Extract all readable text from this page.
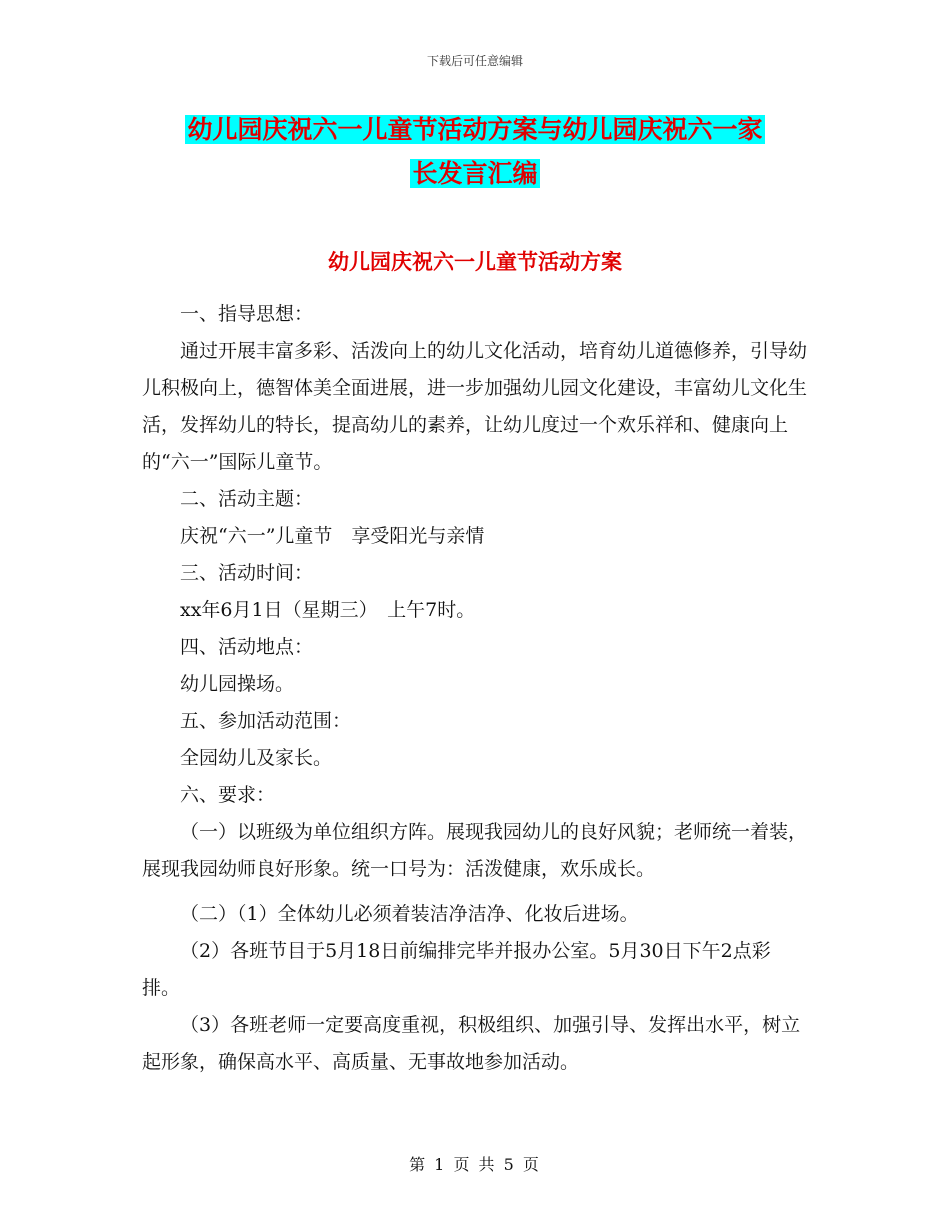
下载后可任意编辑
幼儿园庆祝六一儿童节活动方案与幼儿园庆祝六一家
长发言汇编
幼儿园庆祝六一儿童节活动方案

一、指导思想：

通过开展丰富多彩、活泼向上的幼儿文化活动，培育幼儿道德修养，引导幼儿积极向上，德智体美全面进展，进一步加强幼儿园文化建设，丰富幼儿文化生活，发挥幼儿的特长，提高幼儿的素养，让幼儿度过一个欢乐祥和、健康向上的“六一”国际儿童节。

二、活动主题：

庆祝“六一”儿童节　享受阳光与亲情

三、活动时间：

xx年6月1日（星期三）　上午7时。

四、活动地点：

幼儿园操场。

五、参加活动范围：

全园幼儿及家长。

六、要求：

（一）以班级为单位组织方阵。展现我园幼儿的良好风貌；老师统一着装，展现我园幼师良好形象。统一口号为：活泼健康，欢乐成长。

（二）（1）全体幼儿必须着装洁净洁净、化妆后进场。

（2）各班节目于5月18日前编排完毕并报办公室。5月30日下午2点彩排。

（3）各班老师一定要高度重视，积极组织、加强引导、发挥出水平，树立起形象，确保高水平、高质量、无事故地参加活动。

第 1 页 共 5 页
